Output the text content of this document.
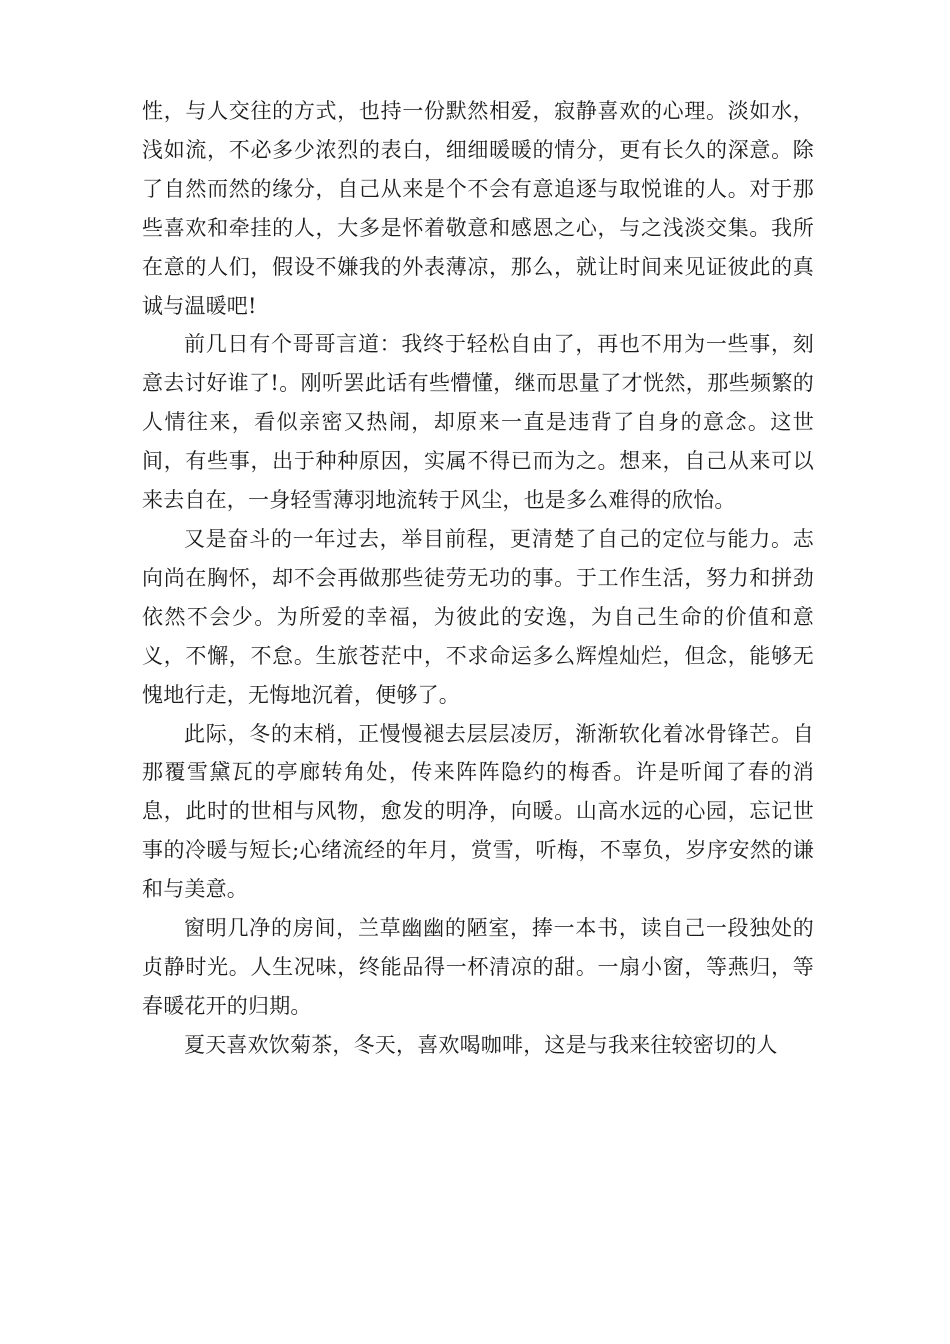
性，与人交往的方式，也持一份默然相爱，寂静喜欢的心理。淡如水，浅如流，不必多少浓烈的表白，细细暖暖的情分，更有长久的深意。除了自然而然的缘分，自己从来是个不会有意追逐与取悦谁的人。对于那些喜欢和牵挂的人，大多是怀着敬意和感恩之心，与之浅淡交集。我所在意的人们，假设不嫌我的外表薄凉，那么，就让时间来见证彼此的真诚与温暖吧!

前几日有个哥哥言道：我终于轻松自由了，再也不用为一些事，刻意去讨好谁了!。刚听罢此话有些懵懂，继而思量了才恍然，那些频繁的人情往来，看似亲密又热闹，却原来一直是违背了自身的意念。这世间，有些事，出于种种原因，实属不得已而为之。想来，自己从来可以来去自在，一身轻雪薄羽地流转于风尘，也是多么难得的欣怡。

又是奋斗的一年过去，举目前程，更清楚了自己的定位与能力。志向尚在胸怀，却不会再做那些徒劳无功的事。于工作生活，努力和拼劲依然不会少。为所爱的幸福，为彼此的安逸，为自己生命的价值和意义，不懈，不怠。生旅苍茫中，不求命运多么辉煌灿烂，但念，能够无愧地行走，无悔地沉着，便够了。

此际，冬的末梢，正慢慢褪去层层凌厉，渐渐软化着冰骨锋芒。自那覆雪黛瓦的亭廊转角处，传来阵阵隐约的梅香。许是听闻了春的消息，此时的世相与风物，愈发的明净，向暖。山高水远的心园，忘记世事的冷暖与短长;心绪流经的年月，赏雪，听梅，不辜负，岁序安然的谦和与美意。

窗明几净的房间，兰草幽幽的陋室，捧一本书，读自己一段独处的贞静时光。人生况味，终能品得一杯清凉的甜。一扇小窗，等燕归，等春暖花开的归期。

夏天喜欢饮菊茶，冬天，喜欢喝咖啡，这是与我来往较密切的人
